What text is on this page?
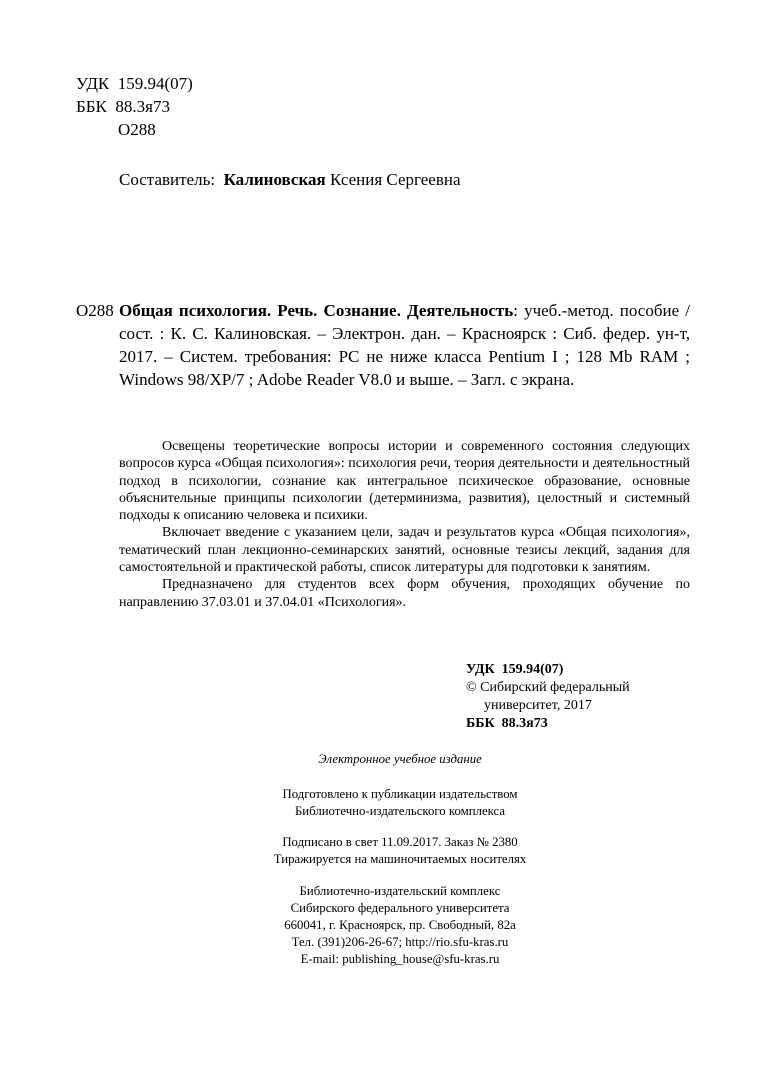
УДК 159.94(07)
ББК 88.3я73
О288
Составитель: Калиновская Ксения Сергеевна
О288 Общая психология. Речь. Сознание. Деятельность: учеб.-метод. пособие / сост. : К. С. Калиновская. – Электрон. дан. – Красноярск : Сиб. федер. ун-т, 2017. – Систем. требования: PC не ниже класса Pentium I ; 128 Mb RAM ; Windows 98/XP/7 ; Adobe Reader V8.0 и выше. – Загл. с экрана.

Освещены теоретические вопросы истории и современного состояния следующих вопросов курса «Общая психология»: психология речи, теория деятельности и деятельностный подход в психологии, сознание как интегральное психическое образование, основные объяснительные принципы психологии (детерминизма, развития), целостный и системный подходы к описанию человека и психики.

Включает введение с указанием цели, задач и результатов курса «Общая психология», тематический план лекционно-семинарских занятий, основные тезисы лекций, задания для самостоятельной и практической работы, список литературы для подготовки к занятиям.

Предназначено для студентов всех форм обучения, проходящих обучение по направлению 37.03.01 и 37.04.01 «Психология».

УДК  159.94(07)

ББК  88.3я73

© Сибирский федеральный
университет, 2017
Электронное учебное издание
Подготовлено к публикации издательством
Библиотечно-издательского комплекса
Подписано в свет 11.09.2017. Заказ № 2380
Тиражируется на машиночитаемых носителях
Библиотечно-издательский комплекс
Сибирского федерального университета
660041, г. Красноярск, пр. Свободный, 82а
Тел. (391)206-26-67; http://rio.sfu-kras.ru
E-mail: publishing_house@sfu-kras.ru
